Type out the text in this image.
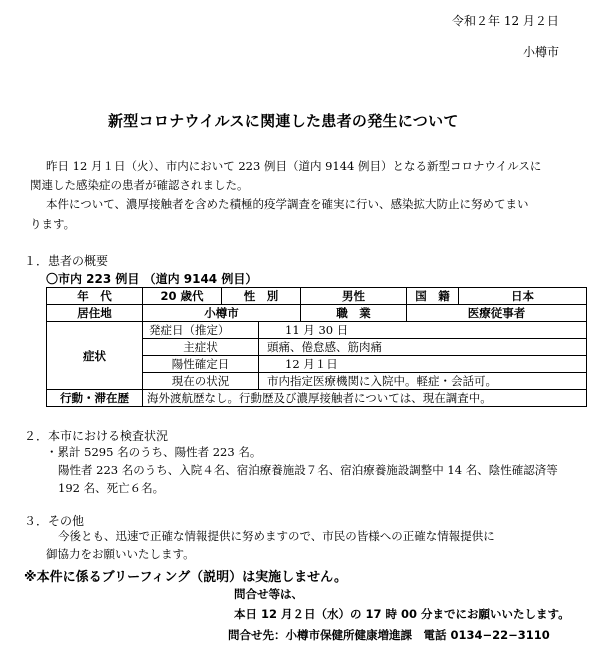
令和２年 12 月２日
小樽市
新型コロナウイルスに関連した患者の発生について
昨日 12 月１日（火）、市内において 223 例目（道内 9144 例目）となる新型コロナウイルスに
関連した感染症の患者が確認されました。
本件について、濃厚接触者を含めた積極的疫学調査を確実に行い、感染拡大防止に努めてまい
ります。
１．患者の概要
〇市内 223 例目 （道内 9144 例目）
年　代	20 歳代 性　別		男性	国　籍	日本
居住地	小樽市		職　業	医療従事者	
症状	発症日（推定）	11 月 30 日			
	主症状	頭痛、倦怠感、筋肉痛			
	陽性確定日	12 月１日			
	現在の状況	市内指定医療機関に入院中。軽症・会話可。			
行動・滞在歴	海外渡航歴なし。行動歴及び濃厚接触者については、現在調査中。				
２．本市における検査状況
・累計 5295 名のうち、陽性者 223 名。
陽性者 223 名のうち、入院４名、宿泊療養施設７名、宿泊療養施設調整中 14 名、陰性確認済等
192 名、死亡６名。
３．その他
今後とも、迅速で正確な情報提供に努めますので、市民の皆様への正確な情報提供に
御協力をお願いいたします。
※本件に係るブリーフィング（説明）は実施しません。
問合せ等は、
本日 12 月２日（水）の 17 時 00 分までにお願いいたします。
問合せ先：小樽市保健所健康増進課　電話 0134−22−3110
